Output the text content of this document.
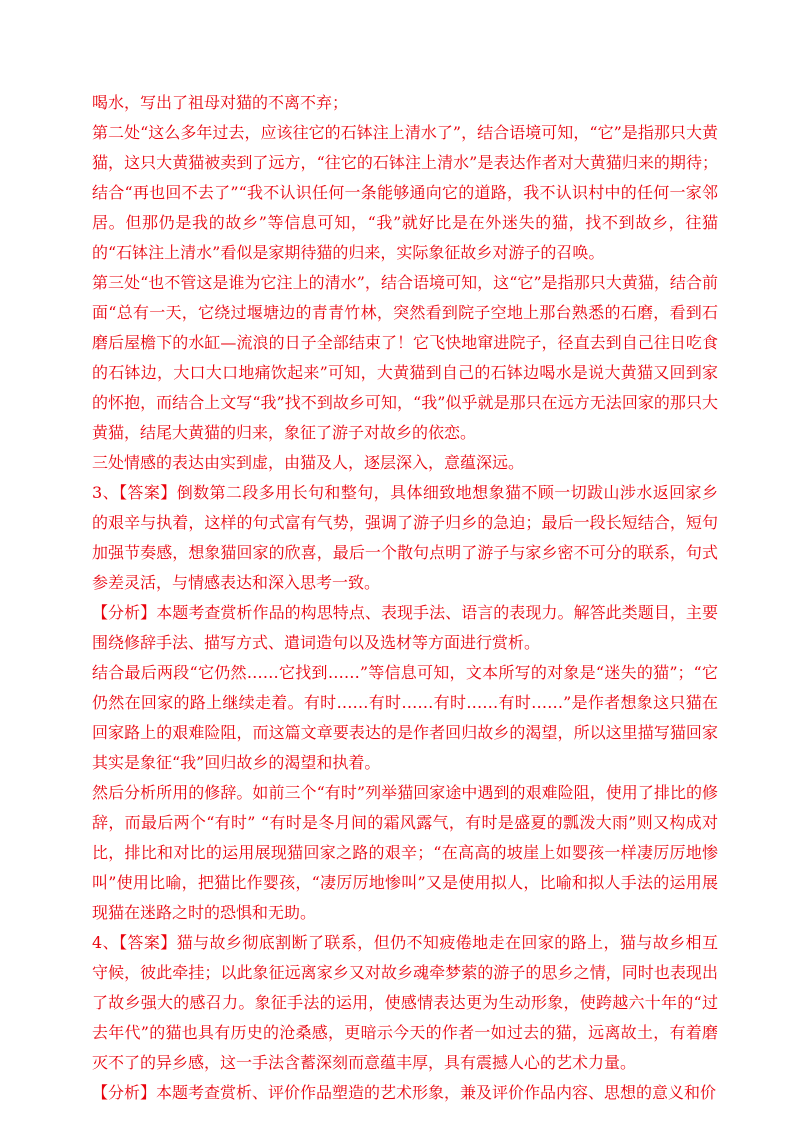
喝水，写出了祖母对猫的不离不弃；

第二处“这么多年过去，应该往它的石钵注上清水了”，结合语境可知，“它”是指那只大黄猫，这只大黄猫被卖到了远方，“往它的石钵注上清水”是表达作者对大黄猫归来的期待；结合“再也回不去了”“我不认识任何一条能够通向它的道路，我不认识村中的任何一家邻居。但那仍是我的故乡”等信息可知，“我”就好比是在外迷失的猫，找不到故乡，往猫的“石钵注上清水”看似是家期待猫的归来，实际象征故乡对游子的召唤。

第三处“也不管这是谁为它注上的清水”，结合语境可知，这“它”是指那只大黄猫，结合前面“总有一天，它绕过堰塘边的青青竹林，突然看到院子空地上那台熟悉的石磨，看到石磨后屋檐下的水缸—流浪的日子全部结束了！它飞快地窜进院子，径直去到自己往日吃食的石钵边，大口大口地痛饮起来”可知，大黄猫到自己的石钵边喝水是说大黄猫又回到家的怀抱，而结合上文写“我”找不到故乡可知，“我”似乎就是那只在远方无法回家的那只大黄猫，结尾大黄猫的归来，象征了游子对故乡的依恋。

三处情感的表达由实到虚，由猫及人，逐层深入，意蕴深远。

3、【答案】倒数第二段多用长句和整句，具体细致地想象猫不顾一切跋山涉水返回家乡的艰辛与执着，这样的句式富有气势，强调了游子归乡的急迫；最后一段长短结合，短句加强节奏感，想象猫回家的欣喜，最后一个散句点明了游子与家乡密不可分的联系，句式参差灵活，与情感表达和深入思考一致。

【分析】本题考查赏析作品的构思特点、表现手法、语言的表现力。解答此类题目，主要围绕修辞手法、描写方式、遣词造句以及选材等方面进行赏析。

结合最后两段“它仍然……它找到……”等信息可知，文本所写的对象是“迷失的猫”；“它仍然在回家的路上继续走着。有时……有时……有时……有时……”是作者想象这只猫在回家路上的艰难险阻，而这篇文章要表达的是作者回归故乡的渴望，所以这里描写猫回家其实是象征“我”回归故乡的渴望和执着。

然后分析所用的修辞。如前三个“有时”列举猫回家途中遇到的艰难险阻，使用了排比的修辞，而最后两个“有时” “有时是冬月间的霜风露气，有时是盛夏的瓢泼大雨”则又构成对比，排比和对比的运用展现猫回家之路的艰辛；“在高高的坡崖上如婴孩一样凄厉厉地惨叫”使用比喻，把猫比作婴孩，“凄厉厉地惨叫”又是使用拟人，比喻和拟人手法的运用展现猫在迷路之时的恐惧和无助。

4、【答案】猫与故乡彻底割断了联系，但仍不知疲倦地走在回家的路上，猫与故乡相互守候，彼此牵挂；以此象征远离家乡又对故乡魂牵梦萦的游子的思乡之情，同时也表现出了故乡强大的感召力。象征手法的运用，使感情表达更为生动形象，使跨越六十年的“过去年代”的猫也具有历史的沧桑感，更暗示今天的作者一如过去的猫，远离故土，有着磨灭不了的异乡感，这一手法含蓄深刻而意蕴丰厚，具有震撼人心的艺术力量。

【分析】本题考查赏析、评价作品塑造的艺术形象，兼及评价作品内容、思想的意义和价
